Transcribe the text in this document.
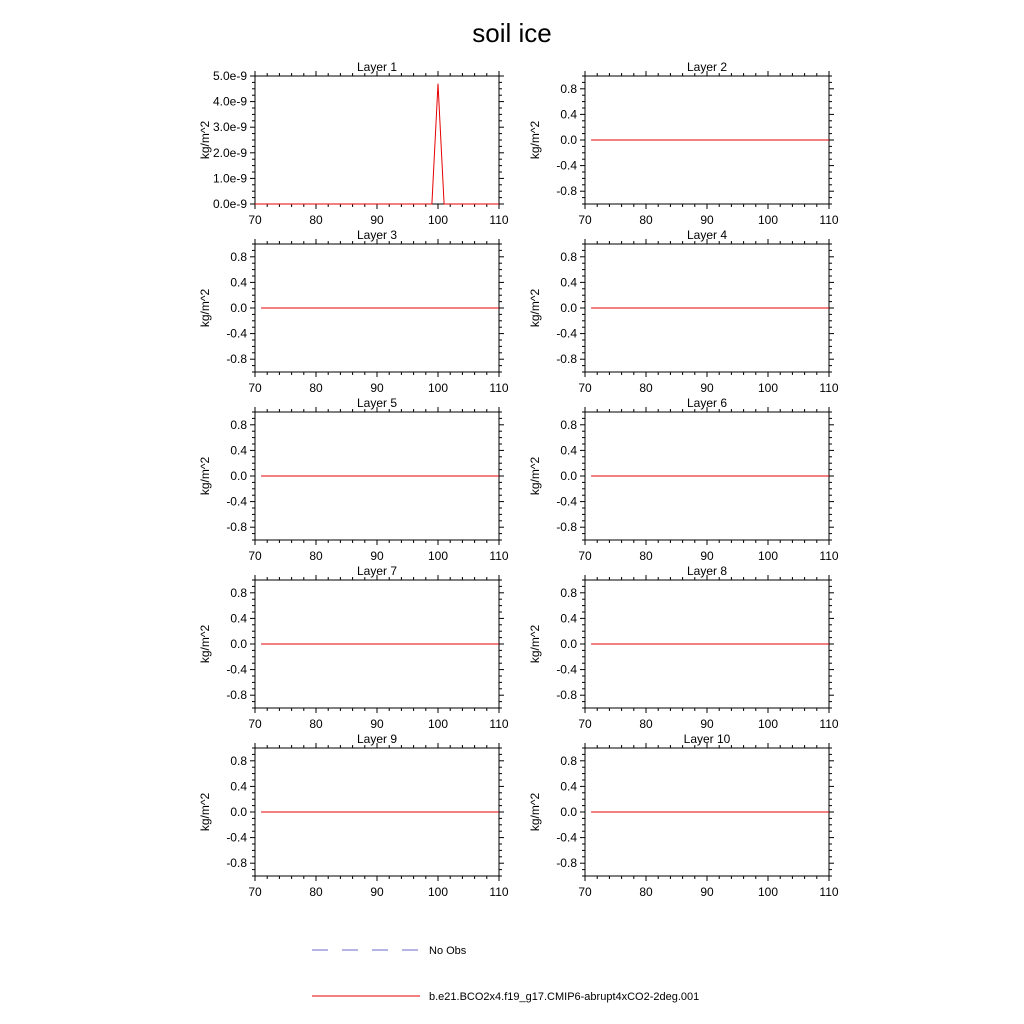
soil ice
Layer 1
70	80	90	100	110
0.0e-9
1.0e-9
2.0e-9
3.0e-9
4.0e-9
5.0e-9
kg/m^2
Layer 2
70	80	90	100	110
-0.8
-0.4
0.0
0.4
0.8
kg/m^2
Layer 3
70	80	90	100	110
-0.8
-0.4
0.0
0.4
0.8
kg/m^2
Layer 4
70	80	90	100	110
-0.8
-0.4
0.0
0.4
0.8
kg/m^2
Layer 5
70	80	90	100	110
-0.8
-0.4
0.0
0.4
0.8
kg/m^2
Layer 6
70	80	90	100	110
-0.8
-0.4
0.0
0.4
0.8
kg/m^2
Layer 7
70	80	90	100	110
-0.8
-0.4
0.0
0.4
0.8
kg/m^2
Layer 8
70	80	90	100	110
-0.8
-0.4
0.0
0.4
0.8
kg/m^2
Layer 9
70	80	90	100	110
-0.8
-0.4
0.0
0.4
0.8
kg/m^2
Layer 10
70	80	90	100	110
-0.8
-0.4
0.0
0.4
0.8
kg/m^2
No Obs
b.e21.BCO2x4.f19_g17.CMIP6-abrupt4xCO2-2deg.001
